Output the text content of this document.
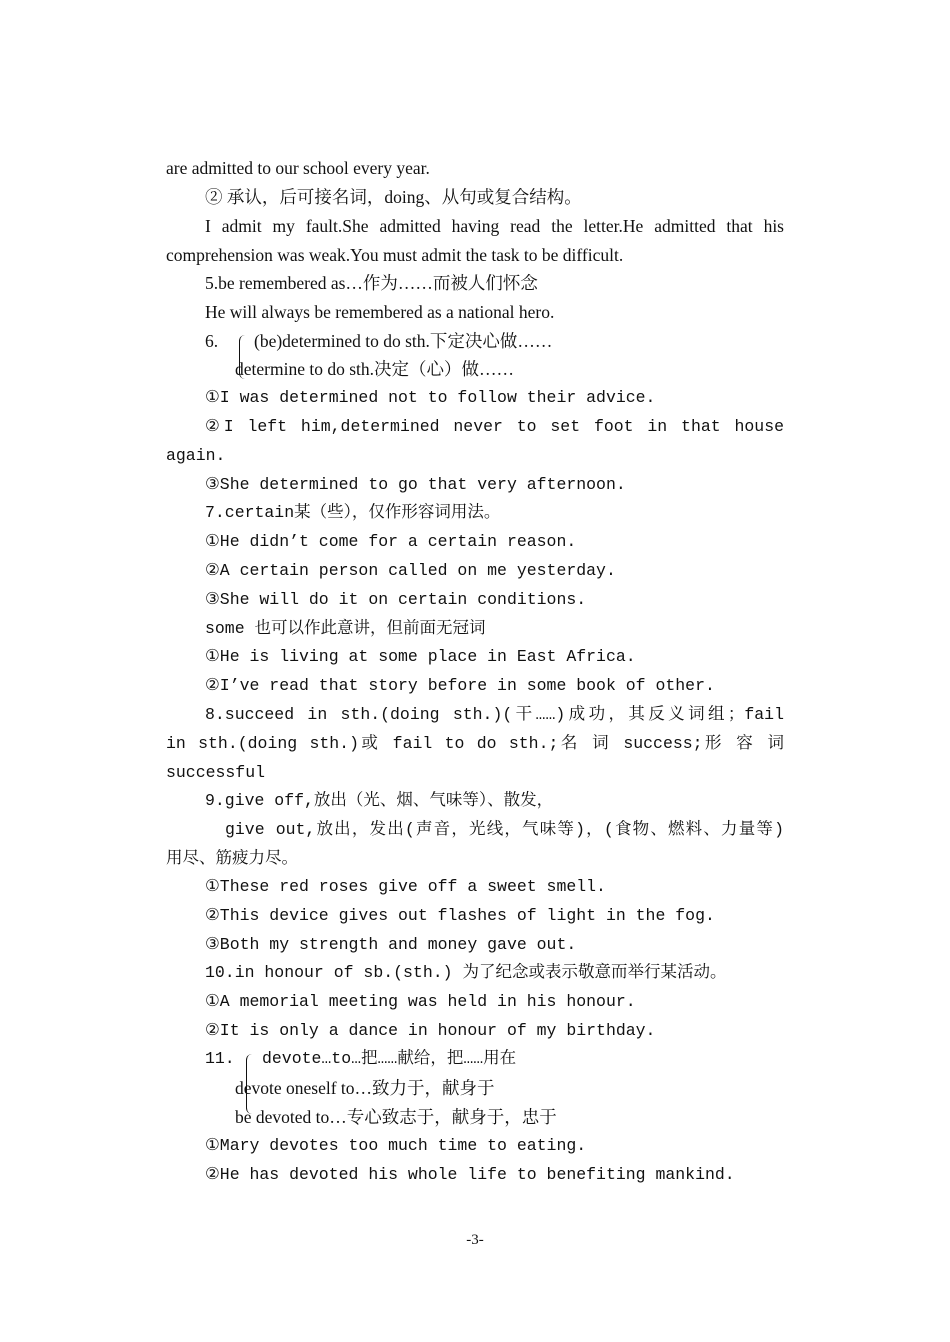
are admitted to our school every year.
② 承认，后可接名词，doing、从句或复合结构。
I admit my fault.She admitted having read the letter.He admitted that his
comprehension was weak.You must admit the task to be difficult.
5.be remembered as…作为……而被人们怀念
He will always be remembered as a national hero.
6. (be)determined to do sth.下定决心做……
determine to do sth.决定（心）做……
①I was determined not to follow their advice.
②I left him,determined never to set foot in that house
again.
③She determined to go that very afternoon.
7.certain某（些），仅作形容词用法。
①He didn’t come for a certain reason.
②A certain person called on me yesterday.
③She will do it on certain conditions.
some 也可以作此意讲，但前面无冠词
①He is living at some place in East Africa.
②I’ve read that story before in some book of other.
8.succeed in sth.(doing sth.)(干……)成功，其反义词组；fail
in sth.(doing sth.)或 fail to do sth.;名 词 success;形 容 词
successful
9.give off,放出（光、烟、气味等）、散发，
give out,放出，发出(声音，光线，气味等)，(食物、燃料、力量等)
用尽、筋疲力尽。
①These red roses give off a sweet smell.
②This device gives out flashes of light in the fog.
③Both my strength and money gave out.
10.in honour of sb.(sth.) 为了纪念或表示敬意而举行某活动。
①A memorial meeting was held in his honour.
②It is only a dance in honour of my birthday.
11. devote…to…把……献给，把……用在
devote oneself to…致力于，献身于
be devoted to…专心致志于，献身于，忠于
①Mary devotes too much time to eating.
②He has devoted his whole life to benefiting mankind.
-3-
